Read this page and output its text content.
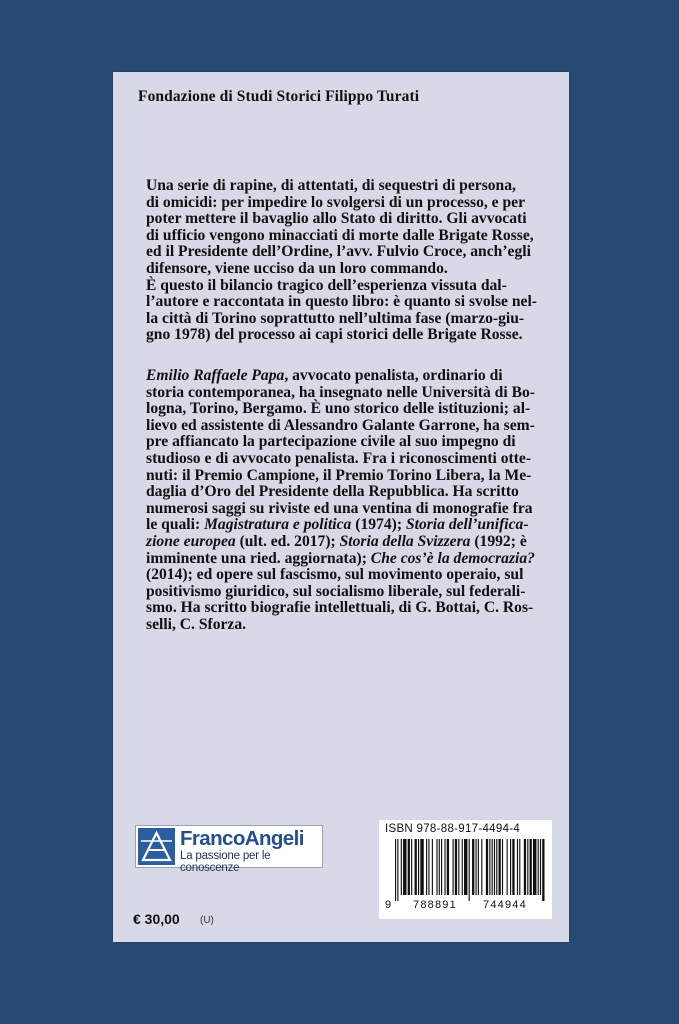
Fondazione di Studi Storici Filippo Turati
Una serie di rapine, di attentati, di sequestri di persona,
di omicidi: per impedire lo svolgersi di un processo, e per
poter mettere il bavaglio allo Stato di diritto. Gli avvocati
di ufficio vengono minacciati di morte dalle Brigate Rosse,
ed il Presidente dell’Ordine, l’avv. Fulvio Croce, anch’egli
difensore, viene ucciso da un loro commando.
È questo il bilancio tragico dell’esperienza vissuta dal-
l’autore e raccontata in questo libro: è quanto si svolse nel-
la città di Torino soprattutto nell’ultima fase (marzo-giu-
gno 1978) del processo ai capi storici delle Brigate Rosse.
Emilio Raffaele Papa, avvocato penalista, ordinario di
storia contemporanea, ha insegnato nelle Università di Bo-
logna, Torino, Bergamo. È uno storico delle istituzioni; al-
lievo ed assistente di Alessandro Galante Garrone, ha sem-
pre affiancato la partecipazione civile al suo impegno di
studioso e di avvocato penalista. Fra i riconoscimenti otte-
nuti: il Premio Campione, il Premio Torino Libera, la Me-
daglia d’Oro del Presidente della Repubblica. Ha scritto
numerosi saggi su riviste ed una ventina di monografie fra
le quali: Magistratura e politica (1974); Storia dell’unifica-
zione europea (ult. ed. 2017); Storia della Svizzera (1992; è
imminente una ried. aggiornata); Che cos’è la democrazia?
(2014); ed opere sul fascismo, sul movimento operaio, sul
positivismo giuridico, sul socialismo liberale, sul federali-
smo. Ha scritto biografie intellettuali, di G. Bottai, C. Ros-
selli, C. Sforza.
FrancoAngeli
La passione per le conoscenze
ISBN 978-88-917-4494-4
9 788891 744944
€ 30,00 (U)
